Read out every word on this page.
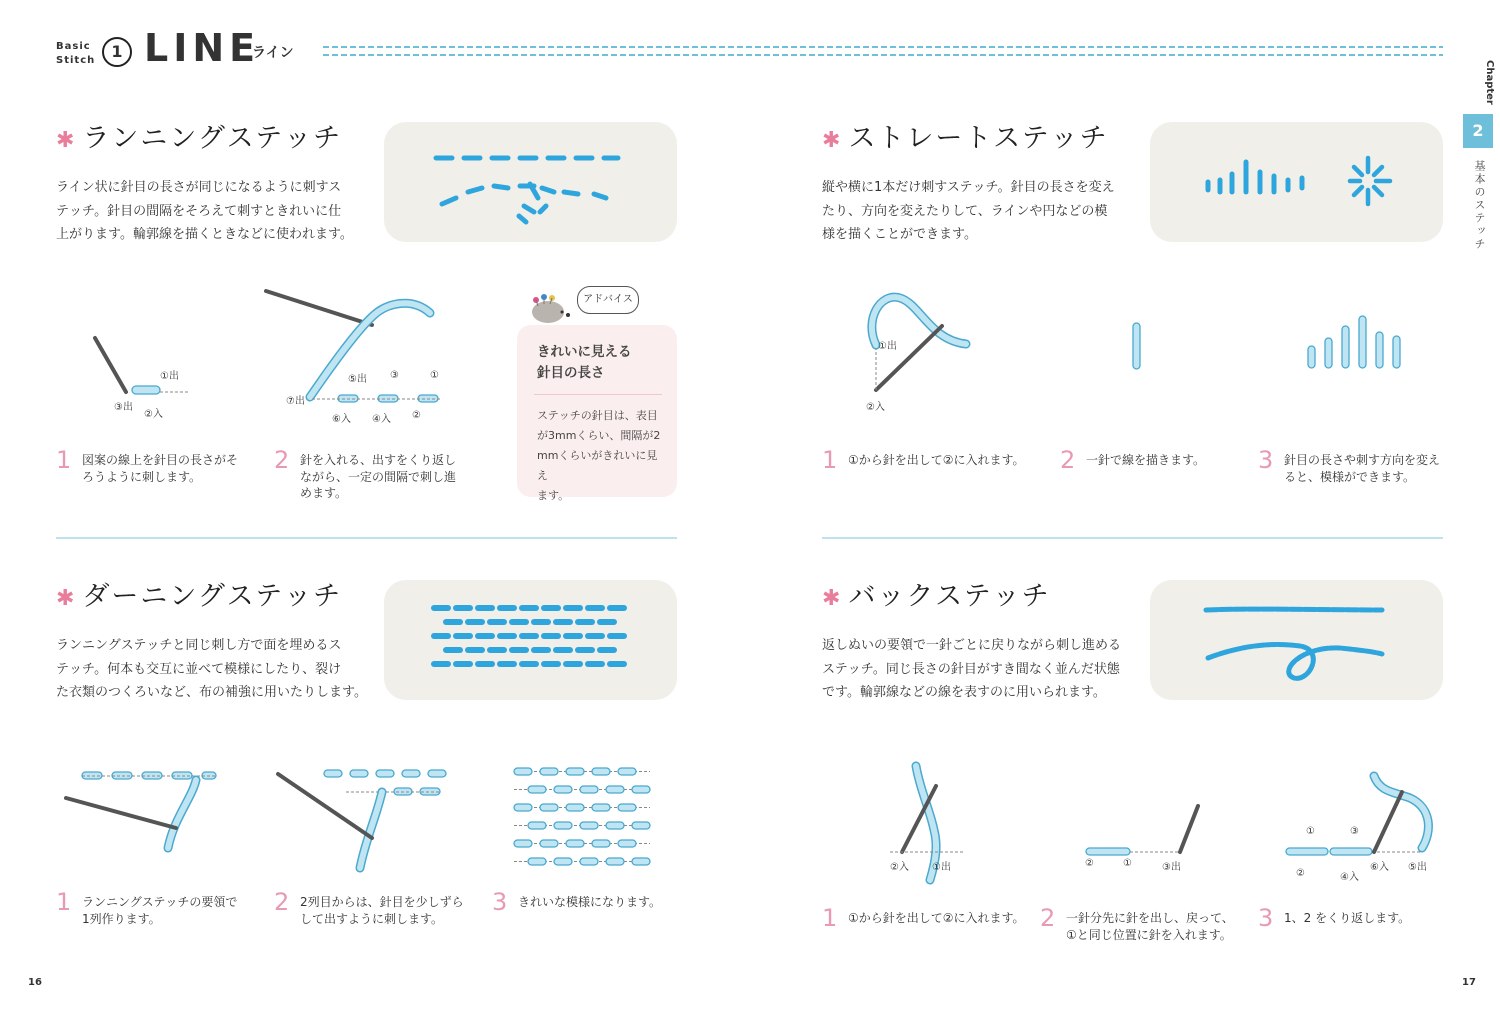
Basic
Stitch	1 LINE
ライン
Chapter
2
基本のステッチ
✱ ランニングステッチ
ライン状に針目の長さが同じになるように刺すス
テッチ。針目の間隔をそろえて刺すときれいに仕
上がります。輪郭線を描くときなどに使われます。
③出
②入
①出
⑦出
⑥入
⑤出
④入
③
②
①
1 図案の線上を針目の長さがそ
ろうように刺します。
2 針を入れる、出すをくり返し
ながら、一定の間隔で刺し進
めます。
アドバイス
きれいに見える
針目の長さ
ステッチの針目は、表目
が3mmくらい、間隔が2
mmくらいがきれいに見え
ます。
✱ ストレートステッチ
縦や横に1本だけ刺すステッチ。針目の長さを変え
たり、方向を変えたりして、ラインや円などの模
様を描くことができます。
①出
②入
1 ①から針を出して②に入れます。 2 一針で線を描きます。 3 針目の長さや刺す方向を変え
ると、模様ができます。
✱ ダーニングステッチ
ランニングステッチと同じ刺し方で面を埋めるス
テッチ。何本も交互に並べて模様にしたり、裂け
た衣類のつくろいなど、布の補強に用いたりします。
1 ランニングステッチの要領で
1列作ります。
2 2列目からは、針目を少しずら
して出すように刺します。
3 きれいな模様になります。
✱ バックステッチ
返しぬいの要領で一針ごとに戻りながら刺し進める
ステッチ。同じ長さの針目がすき間なく並んだ状態
です。輪郭線などの線を表すのに用いられます。
②入 ①出	②	①	③出
①	③
②	④入
⑥入 ⑤出
1 ①から針を出して②に入れます。 2 一針分先に針を出し、戻って、
①と同じ位置に針を入れます。
3 1、2 をくり返します。
16	17
